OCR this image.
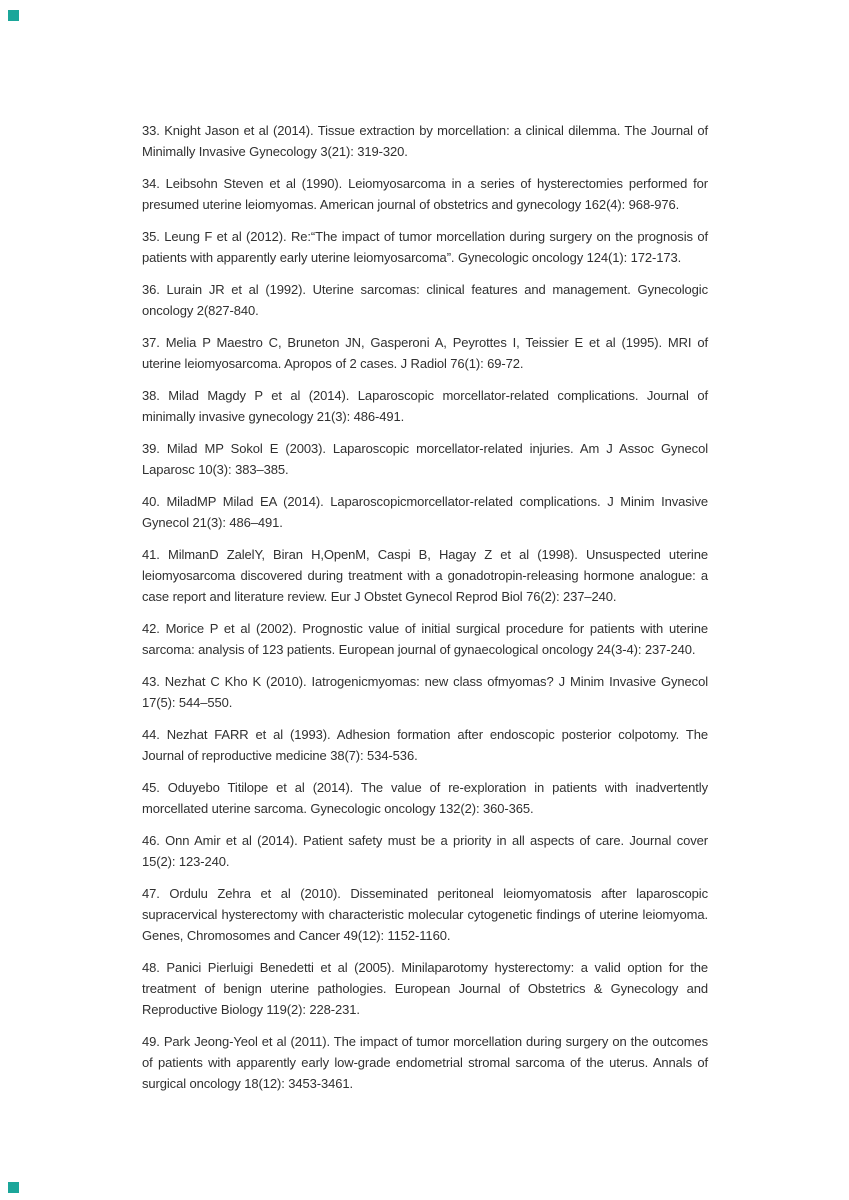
33. Knight Jason et al (2014). Tissue extraction by morcellation: a clinical dilemma. The Journal of Minimally Invasive Gynecology 3(21): 319-320.

34. Leibsohn Steven et al (1990). Leiomyosarcoma in a series of hysterectomies performed for presumed uterine leiomyomas. American journal of obstetrics and gynecology 162(4): 968-976.

35. Leung F et al (2012). Re:“The impact of tumor morcellation during surgery on the prognosis of patients with apparently early uterine leiomyosarcoma”. Gynecologic oncology 124(1): 172-173.

36. Lurain JR et al (1992). Uterine sarcomas: clinical features and management. Gynecologic oncology 2(827-840.

37. Melia P Maestro C, Bruneton JN, Gasperoni A, Peyrottes I, Teissier E et al (1995). MRI of uterine leiomyosarcoma. Apropos of 2 cases. J Radiol 76(1): 69-72.

38. Milad Magdy P et al (2014). Laparoscopic morcellator-related complications. Journal of minimally invasive gynecology 21(3): 486-491.

39. Milad MP Sokol E (2003). Laparoscopic morcellator-related injuries. Am J Assoc Gynecol Laparosc 10(3): 383–385.

40. MiladMP Milad EA (2014). Laparoscopicmorcellator-related complications. J Minim Invasive Gynecol 21(3): 486–491.

41. MilmanD ZalelY, Biran H,OpenM, Caspi B, Hagay Z et al (1998). Unsuspected uterine leiomyosarcoma discovered during treatment with a gonadotropin-releasing hormone analogue: a case report and literature review. Eur J Obstet Gynecol Reprod Biol 76(2): 237–240.

42. Morice P et al (2002). Prognostic value of initial surgical procedure for patients with uterine sarcoma: analysis of 123 patients. European journal of gynaecological oncology 24(3-4): 237-240.

43. Nezhat C Kho K (2010). Iatrogenicmyomas: new class ofmyomas? J Minim Invasive Gynecol 17(5): 544–550.

44. Nezhat FARR et al (1993). Adhesion formation after endoscopic posterior colpotomy. The Journal of reproductive medicine 38(7): 534-536.

45. Oduyebo Titilope et al (2014). The value of re-exploration in patients with inadvertently morcellated uterine sarcoma. Gynecologic oncology 132(2): 360-365.

46. Onn Amir et al (2014). Patient safety must be a priority in all aspects of care. Journal cover 15(2): 123-240.

47. Ordulu Zehra et al (2010). Disseminated peritoneal leiomyomatosis after laparoscopic supracervical hysterectomy with characteristic molecular cytogenetic findings of uterine leiomyoma. Genes, Chromosomes and Cancer 49(12): 1152-1160.

48. Panici Pierluigi Benedetti et al (2005). Minilaparotomy hysterectomy: a valid option for the treatment of benign uterine pathologies. European Journal of Obstetrics & Gynecology and Reproductive Biology 119(2): 228-231.

49. Park Jeong-Yeol et al (2011). The impact of tumor morcellation during surgery on the outcomes of patients with apparently early low-grade endometrial stromal sarcoma of the uterus. Annals of surgical oncology 18(12): 3453-3461.
